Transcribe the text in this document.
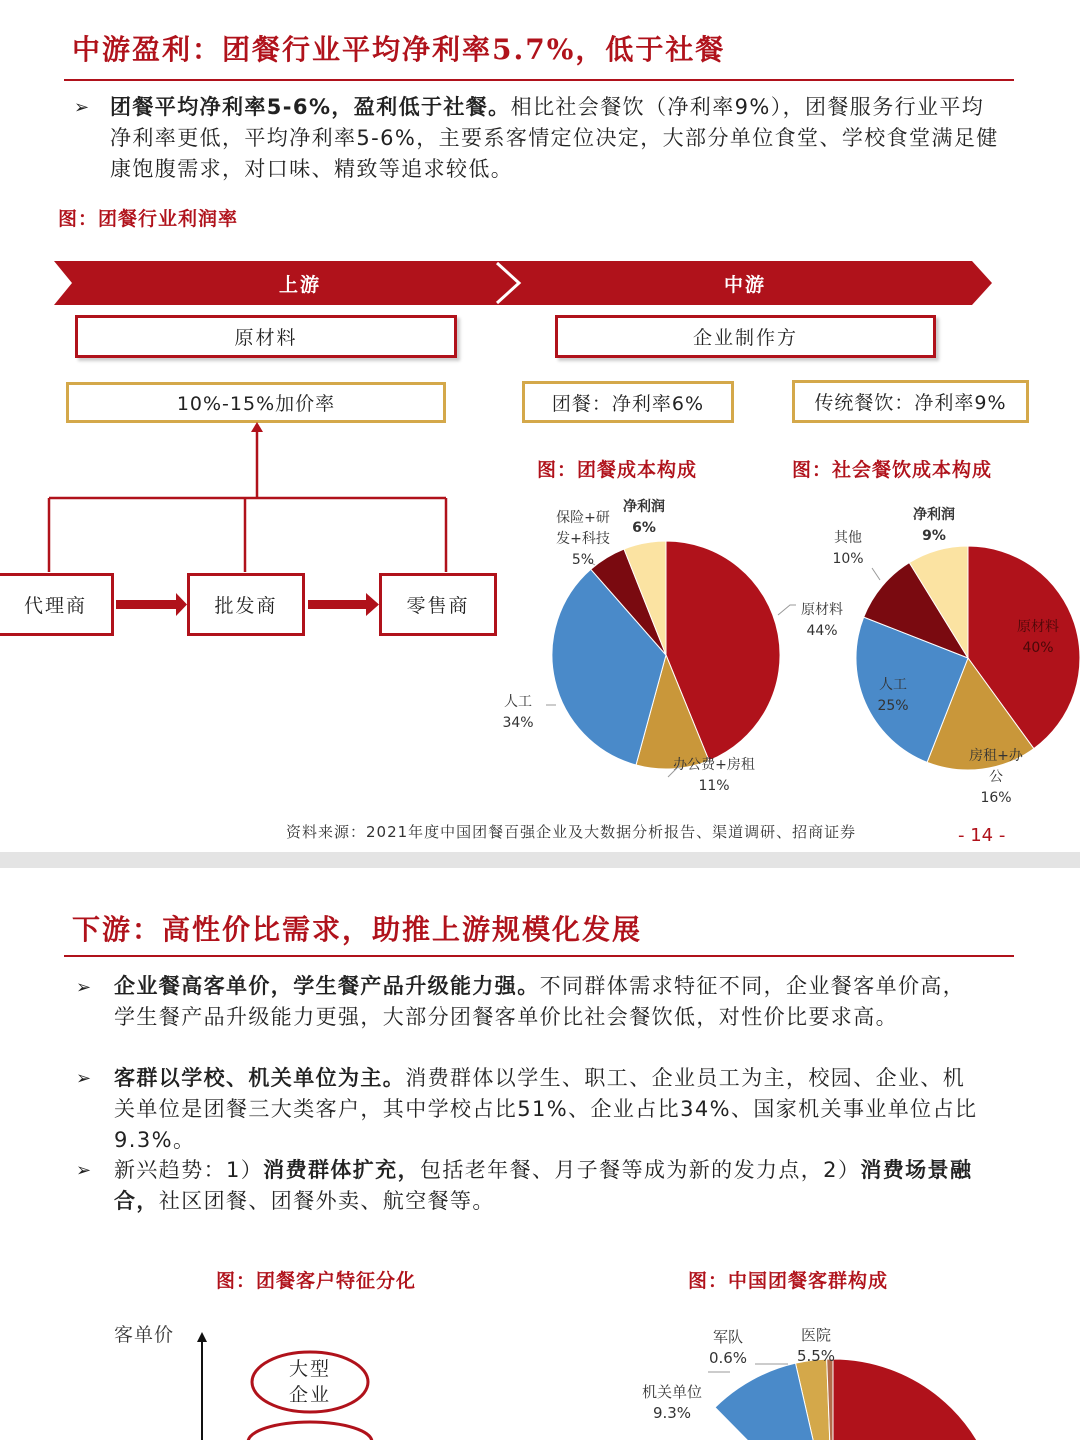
中游盈利：团餐行业平均净利率5.7%，低于社餐
➢ 团餐平均净利率5-6%，盈利低于社餐。相比社会餐饮（净利率9%），团餐服务行业平均净利率更低，平均净利率5-6%，主要系客情定位决定，大部分单位食堂、学校食堂满足健康饱腹需求，对口味、精致等追求较低。
图：团餐行业利润率
上游	中游
原材料	企业制作方
10%-15%加价率	团餐：净利率6%	传统餐饮：净利率9%
代理商	批发商	零售商
图：团餐成本构成	图：社会餐饮成本构成
保险+研
发+科技
5%
净利润
6%
原材料
44%
人工
34%
办公费+房租
11%
其他
10%
净利润
9%
原材料
40%
人工
25%
房租+办
公
16%
资料来源：2021年度中国团餐百强企业及大数据分析报告、渠道调研、招商证券	- 14 -
下游：高性价比需求，助推上游规模化发展
➢ 企业餐高客单价，学生餐产品升级能力强。不同群体需求特征不同，企业餐客单价高，学生餐产品升级能力更强，大部分团餐客单价比社会餐饮低，对性价比要求高。
➢ 客群以学校、机关单位为主。消费群体以学生、职工、企业员工为主，校园、企业、机关单位是团餐三大类客户，其中学校占比51%、企业占比34%、国家机关事业单位占比9.3%。
➢ 新兴趋势：1）消费群体扩充，包括老年餐、月子餐等成为新的发力点，2）消费场景融合，社区团餐、团餐外卖、航空餐等。
图：团餐客户特征分化	图：中国团餐客群构成
客单价
大型
企业
军队
0.6%
医院
5.5%
机关单位
9.3%
